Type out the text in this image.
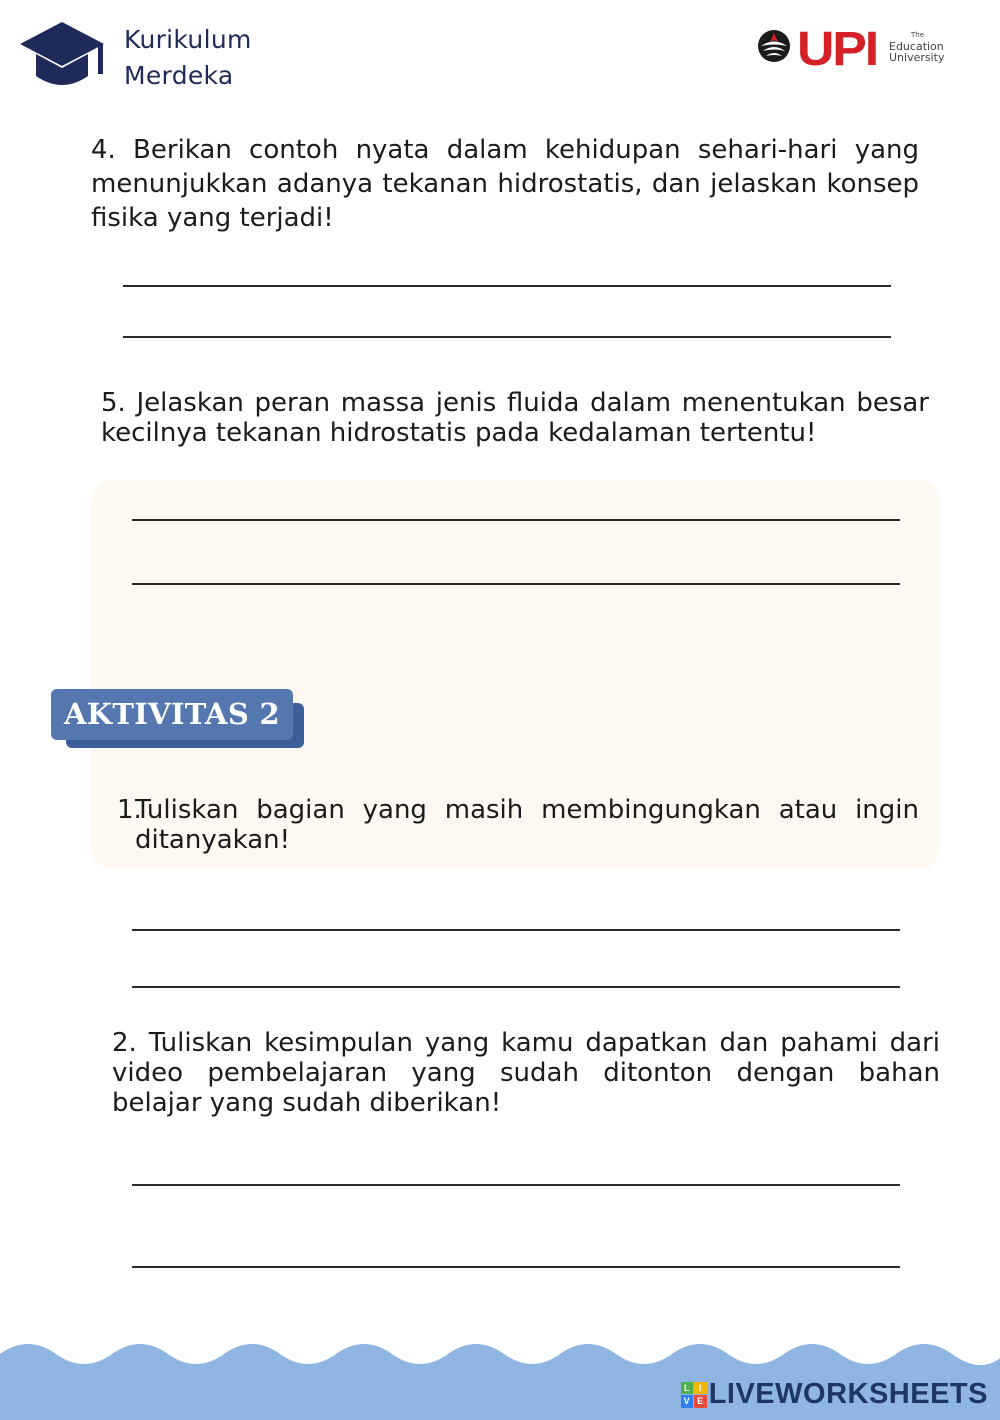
Kurikulum
Merdeka	UPI	The
Education
University
4. Berikan contoh nyata dalam kehidupan sehari-hari yang menunjukkan adanya tekanan hidrostatis, dan jelaskan konsep fisika yang terjadi!
5. Jelaskan peran massa jenis fluida dalam menentukan besar kecilnya tekanan hidrostatis pada kedalaman tertentu!
AKTIVITAS 2
1.
Tuliskan bagian yang masih membingungkan atau ingin ditanyakan!
2. Tuliskan kesimpulan yang kamu dapatkan dan pahami dari video pembelajaran yang sudah ditonton dengan bahan belajar yang sudah diberikan!
L I
V E LIVEWORKSHEETS
